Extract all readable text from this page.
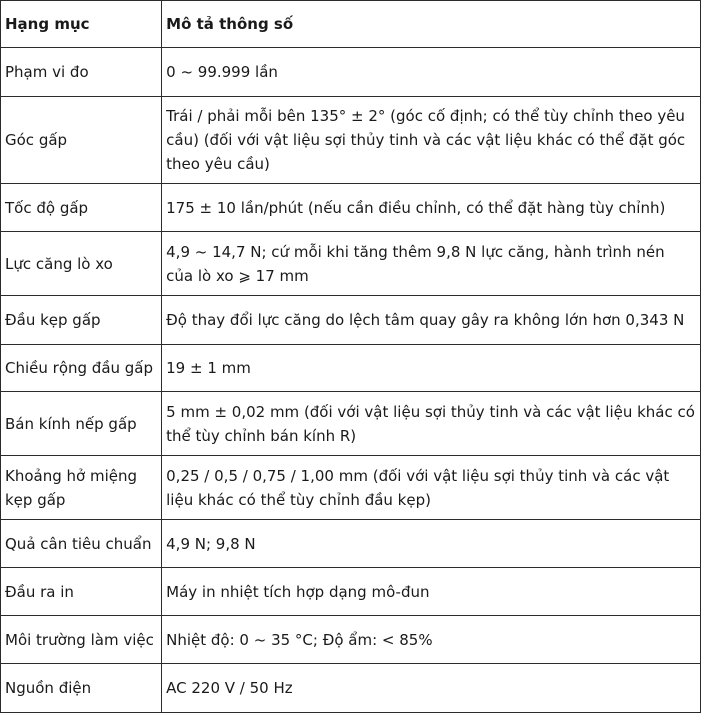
Hạng mục	Mô tả thông số
Phạm vi đo	0 ~ 99.999 lần
Góc gấp	Trái / phải mỗi bên 135° ± 2° (góc cố định; có thể tùy chỉnh theo yêu cầu) (đối với vật liệu sợi thủy tinh và các vật liệu khác có thể đặt góc theo yêu cầu)
Tốc độ gấp	175 ± 10 lần/phút (nếu cần điều chỉnh, có thể đặt hàng tùy chỉnh)
Lực căng lò xo	4,9 ~ 14,7 N; cứ mỗi khi tăng thêm 9,8 N lực căng, hành trình nén của lò xo ⩾ 17 mm
Đầu kẹp gấp	Độ thay đổi lực căng do lệch tâm quay gây ra không lớn hơn 0,343 N
Chiều rộng đầu gấp	19 ± 1 mm
Bán kính nếp gấp	5 mm ± 0,02 mm (đối với vật liệu sợi thủy tinh và các vật liệu khác có thể tùy chỉnh bán kính R)
Khoảng hở miệng kẹp gấp	0,25 / 0,5 / 0,75 / 1,00 mm (đối với vật liệu sợi thủy tinh và các vật liệu khác có thể tùy chỉnh đầu kẹp)
Quả cân tiêu chuẩn	4,9 N; 9,8 N
Đầu ra in	Máy in nhiệt tích hợp dạng mô-đun
Môi trường làm việc	Nhiệt độ: 0 ~ 35 °C; Độ ẩm: < 85%
Nguồn điện	AC 220 V / 50 Hz
